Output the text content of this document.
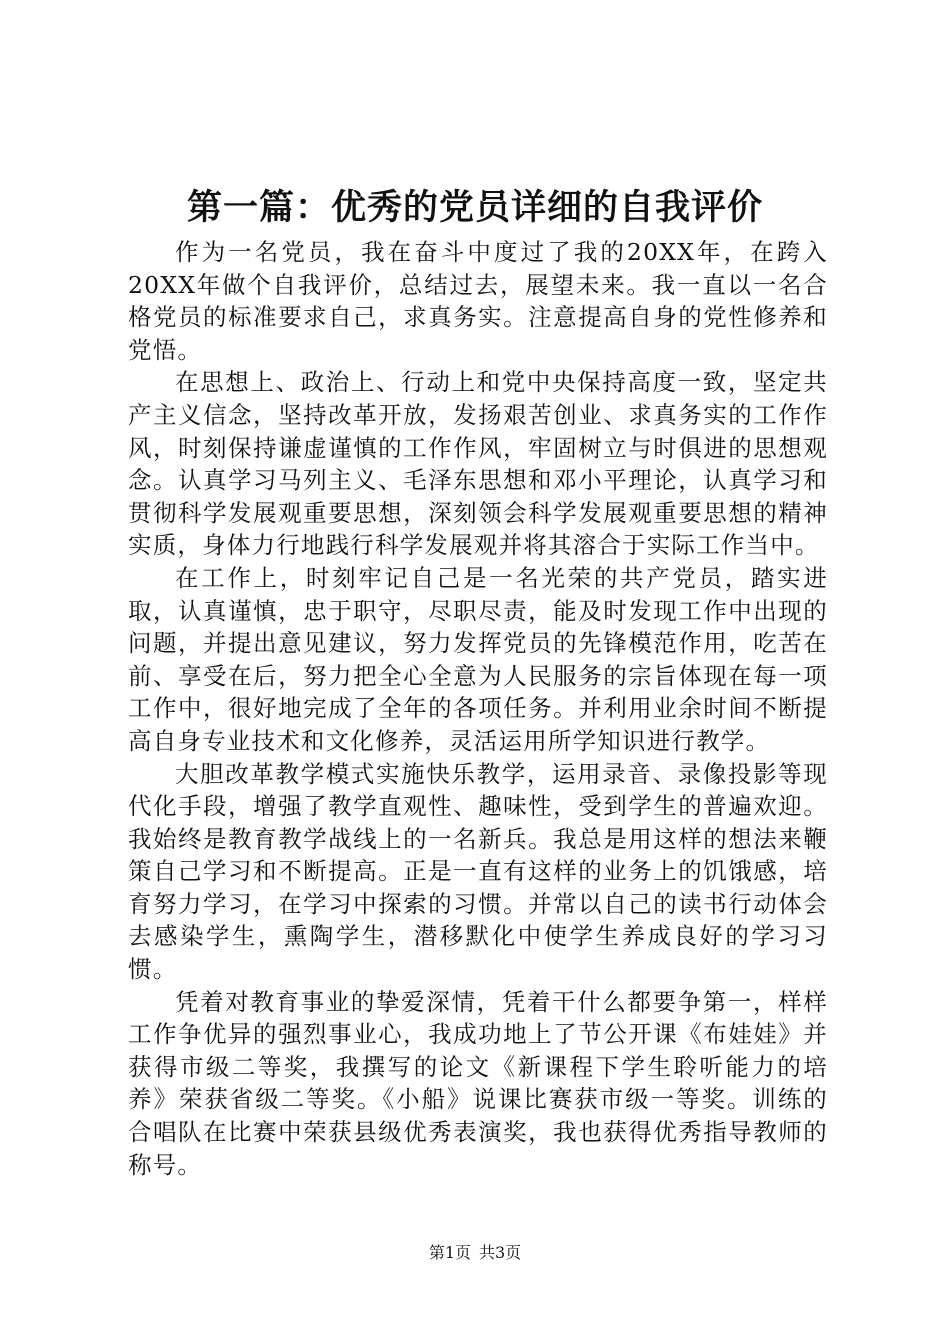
第一篇：优秀的党员详细的自我评价

作为一名党员，我在奋斗中度过了我的20XX年，在跨入20XX年做个自我评价，总结过去，展望未来。我一直以一名合格党员的标准要求自己，求真务实。注意提高自身的党性修养和党悟。

在思想上、政治上、行动上和党中央保持高度一致，坚定共产主义信念，坚持改革开放，发扬艰苦创业、求真务实的工作作风，时刻保持谦虚谨慎的工作作风，牢固树立与时俱进的思想观念。认真学习马列主义、毛泽东思想和邓小平理论，认真学习和贯彻科学发展观重要思想，深刻领会科学发展观重要思想的精神实质，身体力行地践行科学发展观并将其溶合于实际工作当中。

在工作上，时刻牢记自己是一名光荣的共产党员，踏实进取，认真谨慎，忠于职守，尽职尽责，能及时发现工作中出现的问题，并提出意见建议，努力发挥党员的先锋模范作用，吃苦在前、享受在后，努力把全心全意为人民服务的宗旨体现在每一项工作中，很好地完成了全年的各项任务。并利用业余时间不断提高自身专业技术和文化修养，灵活运用所学知识进行教学。

大胆改革教学模式实施快乐教学，运用录音、录像投影等现代化手段，增强了教学直观性、趣味性，受到学生的普遍欢迎。我始终是教育教学战线上的一名新兵。我总是用这样的想法来鞭策自己学习和不断提高。正是一直有这样的业务上的饥饿感，培育努力学习，在学习中探索的习惯。并常以自己的读书行动体会去感染学生，熏陶学生，潜移默化中使学生养成良好的学习习惯。

凭着对教育事业的挚爱深情，凭着干什么都要争第一，样样工作争优异的强烈事业心，我成功地上了节公开课《布娃娃》并获得市级二等奖，我撰写的论文《新课程下学生聆听能力的培养》荣获省级二等奖。《小船》说课比赛获市级一等奖。训练的合唱队在比赛中荣获县级优秀表演奖，我也获得优秀指导教师的称号。

第1页 共3页
